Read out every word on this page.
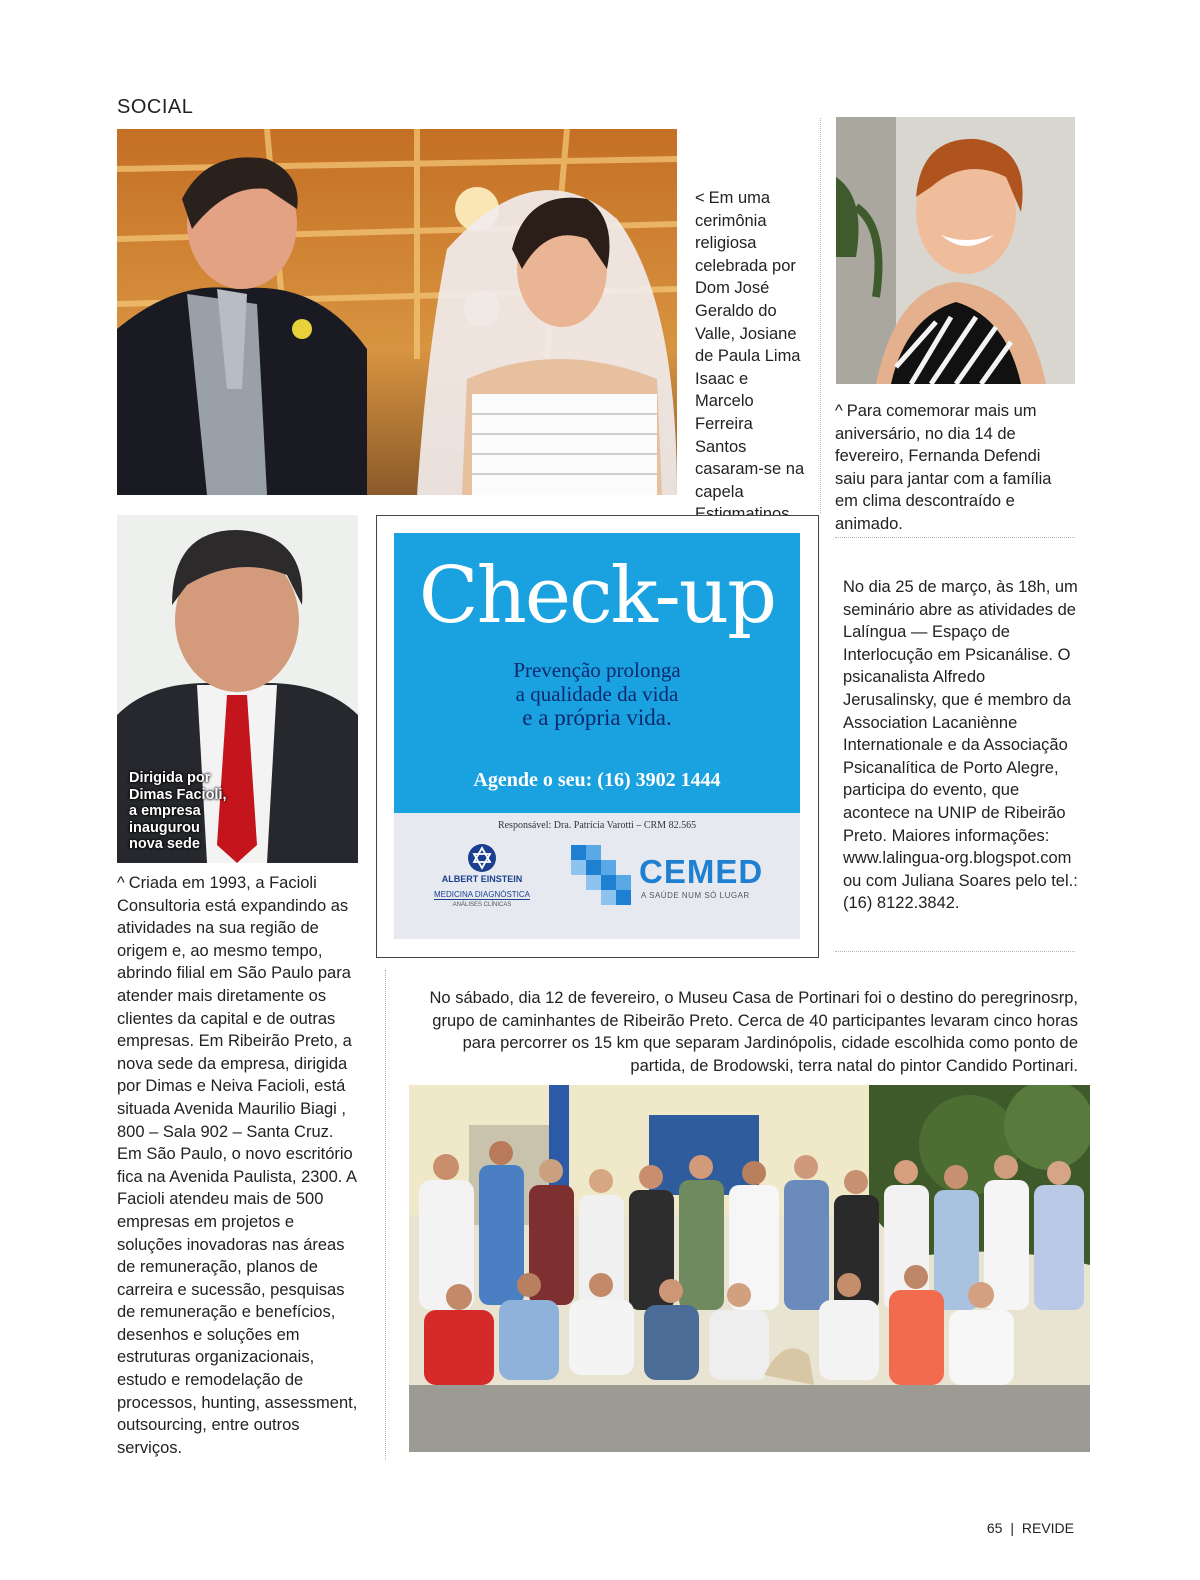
SOCIAL
< Em uma cerimônia religiosa celebrada por Dom José Geraldo do Valle, Josiane de Paula Lima Isaac e Marcelo Ferreira Santos casaram-se na capela
^ Para comemorar mais um aniversário, no dia 14 de fevereiro, Fernanda Defendi saiu para jantar com a família em clima descontraído e animado.
Dirigida por Dimas Facioli, a empresa inaugurou nova sede
^ Criada em 1993, a Facioli Consultoria está expandindo as atividades na sua região de origem e, ao mesmo tempo, abrindo filial em São Paulo para atender mais diretamente os clientes da capital e de outras empresas. Em Ribeirão Preto, a nova sede da empresa, dirigida por Dimas e Neiva Facioli, está situada Avenida Maurilio Biagi , 800 – Sala 902 – Santa Cruz. Em São Paulo, o novo escritório fica na Avenida Paulista, 2300. A Facioli atendeu mais de 500 empresas em projetos e soluções inovadoras nas áreas de remuneração, planos de carreira e sucessão, pesquisas de remuneração e benefícios, desenhos e soluções em estruturas organizacionais, estudo e remodelação de processos, hunting, assessment, outsourcing, entre outros serviços.
Check-up
Prevenção prolonga
a qualidade da vida
e a própria vida.
Agende o seu: (16) 3902 1444
Responsável: Dra. Patrícia Varotti – CRM 82.565
ALBERT EINSTEIN
MEDICINA DIAGNÓSTICA
ANÁLISES CLÍNICAS
CEMED
A SAÚDE NUM SÓ LUGAR
No dia 25 de março, às 18h, um seminário abre as atividades de Lalíngua — Espaço de Interlocução em Psicanálise. O psicanalista Alfredo Jerusalinsky, que é membro da Association Lacaniènne Internationale e da Associação Psicanalítica de Porto Alegre, participa do evento, que acontece na UNIP de Ribeirão Preto. Maiores informações: www.lalingua-org.blogspot.com ou com Juliana Soares pelo tel.: (16) 8122.3842.
No sábado, dia 12 de fevereiro, o Museu Casa de Portinari foi o destino do peregrinosrp, grupo de caminhantes de Ribeirão Preto. Cerca de 40 participantes levaram cinco horas para percorrer os 15 km que separam Jardinópolis, cidade escolhida como ponto de partida, de Brodowski, terra natal do pintor Candido Portinari.
65 | REVIDE
